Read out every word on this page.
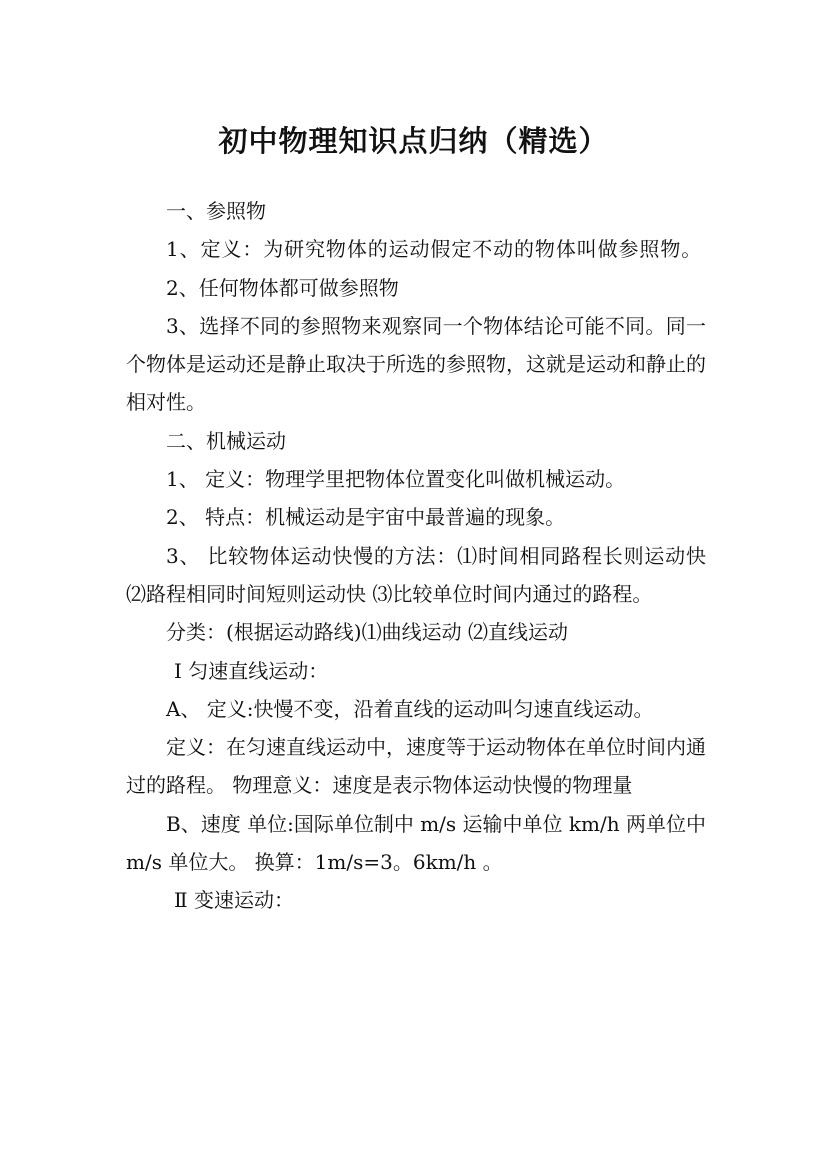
初中物理知识点归纳（精选）

一、参照物

1、定义：为研究物体的运动假定不动的物体叫做参照物。

2、任何物体都可做参照物

3、选择不同的参照物来观察同一个物体结论可能不同。同一个物体是运动还是静止取决于所选的参照物，这就是运动和静止的相对性。

二、机械运动

1、 定义：物理学里把物体位置变化叫做机械运动。

2、 特点：机械运动是宇宙中最普遍的现象。

3、 比较物体运动快慢的方法：⑴时间相同路程长则运动快 ⑵路程相同时间短则运动快 ⑶比较单位时间内通过的路程。

分类：(根据运动路线)⑴曲线运动 ⑵直线运动

Ⅰ 匀速直线运动：

A、 定义:快慢不变，沿着直线的运动叫匀速直线运动。

定义：在匀速直线运动中，速度等于运动物体在单位时间内通过的路程。 物理意义：速度是表示物体运动快慢的物理量

B、速度 单位:国际单位制中 m/s 运输中单位 km/h 两单位中 m/s 单位大。 换算：1m/s=3。6km/h 。

Ⅱ 变速运动：
